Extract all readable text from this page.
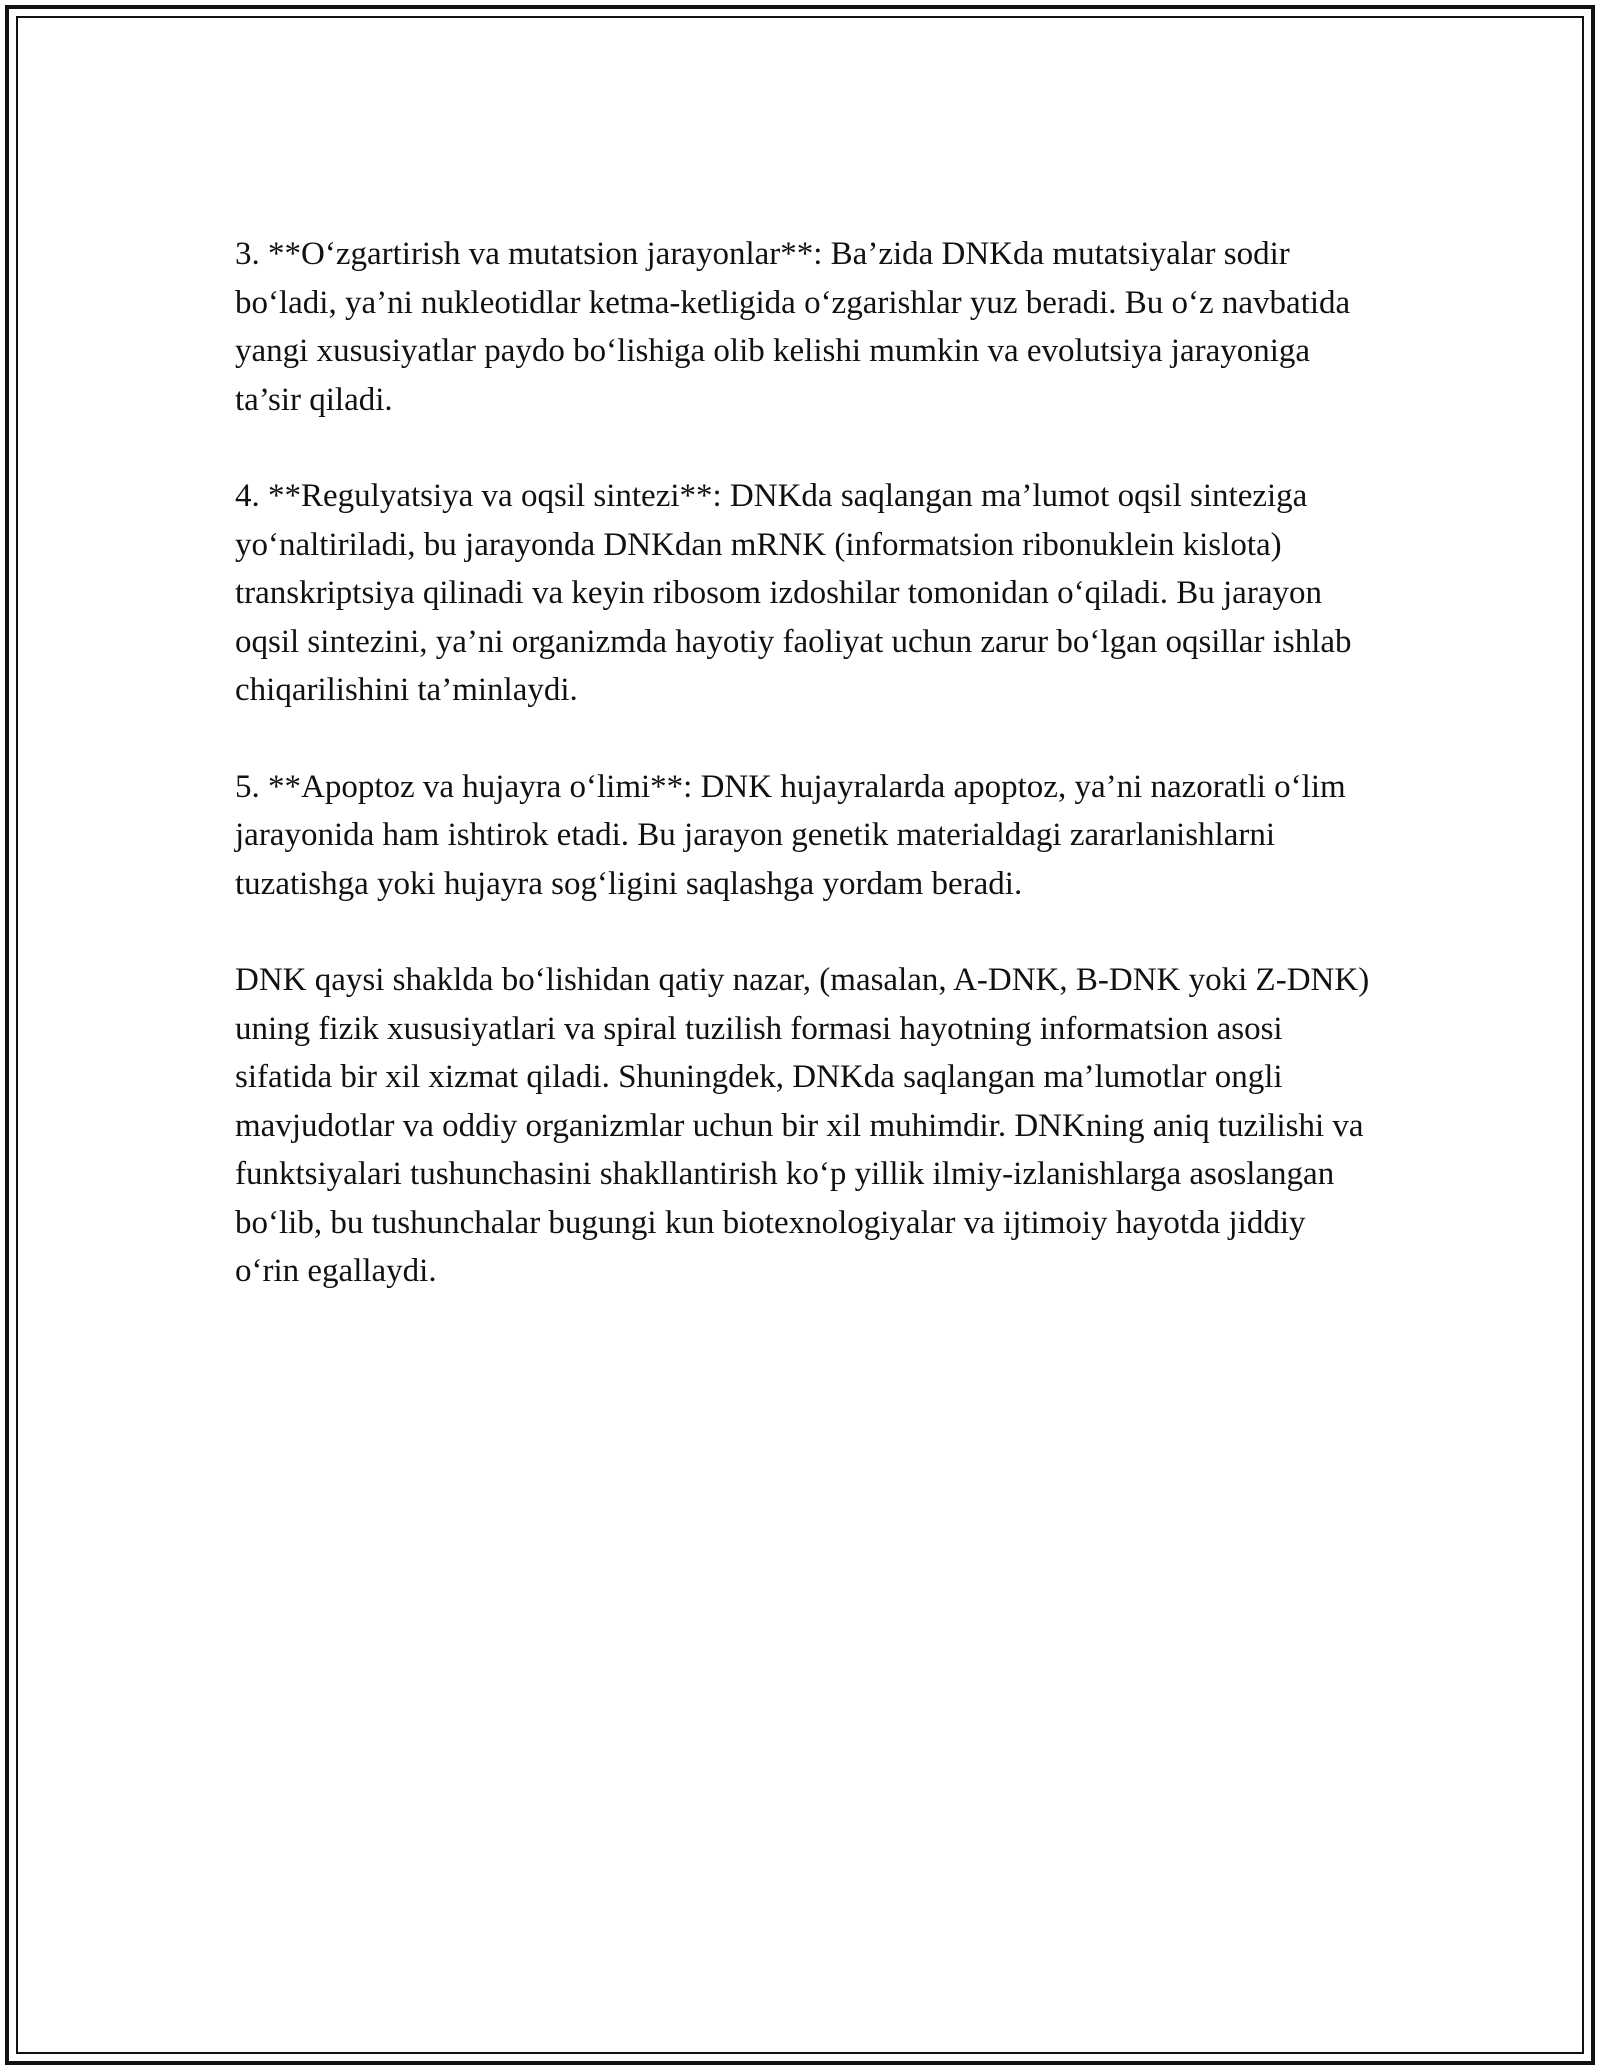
3. **O‘zgartirish va mutatsion jarayonlar**: Ba’zida DNKda mutatsiyalar sodir bo‘ladi, ya’ni nukleotidlar ketma-ketligida o‘zgarishlar yuz beradi. Bu o‘z navbatida yangi xususiyatlar paydo bo‘lishiga olib kelishi mumkin va evolutsiya jarayoniga ta’sir qiladi.

4. **Regulyatsiya va oqsil sintezi**: DNKda saqlangan ma’lumot oqsil sinteziga yo‘naltiriladi, bu jarayonda DNKdan mRNK (informatsion ribonuklein kislota) transkriptsiya qilinadi va keyin ribosom izdoshilar tomonidan o‘qiladi. Bu jarayon oqsil sintezini, ya’ni organizmda hayotiy faoliyat uchun zarur bo‘lgan oqsillar ishlab chiqarilishini ta’minlaydi.

5. **Apoptoz va hujayra o‘limi**: DNK hujayralarda apoptoz, ya’ni nazoratli o‘lim jarayonida ham ishtirok etadi. Bu jarayon genetik materialdagi zararlanishlarni tuzatishga yoki hujayra sog‘ligini saqlashga yordam beradi.

DNK qaysi shaklda bo‘lishidan qatiy nazar, (masalan, A-DNK, B-DNK yoki Z-DNK) uning fizik xususiyatlari va spiral tuzilish formasi hayotning informatsion asosi sifatida bir xil xizmat qiladi. Shuningdek, DNKda saqlangan ma’lumotlar ongli mavjudotlar va oddiy organizmlar uchun bir xil muhimdir. DNKning aniq tuzilishi va funktsiyalari tushunchasini shakllantirish ko‘p yillik ilmiy-izlanishlarga asoslangan bo‘lib, bu tushunchalar bugungi kun biotexnologiyalar va ijtimoiy hayotda jiddiy o‘rin egallaydi.
